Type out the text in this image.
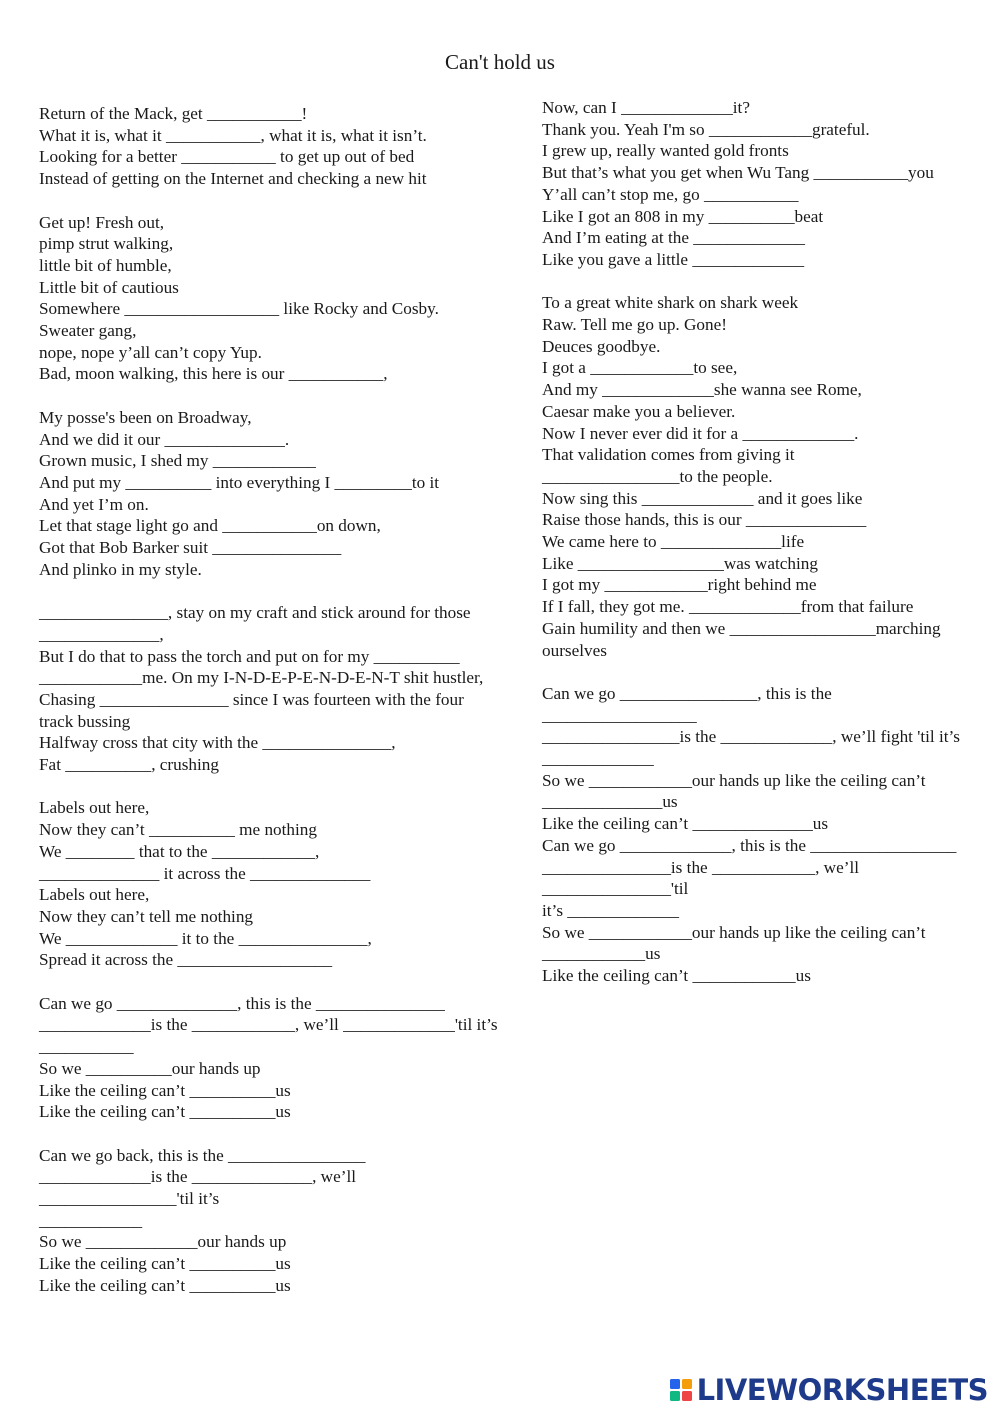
Can't hold us
Return of the Mack, get ___________!
What it is, what it ___________, what it is, what it isn’t.
Looking for a better ___________ to get up out of bed
Instead of getting on the Internet and checking a new hit
Get up! Fresh out,
pimp strut walking,
little bit of humble,
Little bit of cautious
Somewhere __________________ like Rocky and Cosby.
Sweater gang,
nope, nope y’all can’t copy Yup.
Bad, moon walking, this here is our ___________,
My posse's been on Broadway,
And we did it our ______________.
Grown music, I shed my ____________
And put my __________ into everything I _________to it
And yet I’m on.
Let that stage light go and ___________on down,
Got that Bob Barker suit _______________
And plinko in my style.
_______________, stay on my craft and stick around for those
______________,
But I do that to pass the torch and put on for my __________
____________me. On my I-N-D-E-P-E-N-D-E-N-T shit hustler,
Chasing _______________ since I was fourteen with the four
track bussing
Halfway cross that city with the _______________,
Fat __________, crushing
Labels out here,
Now they can’t __________ me nothing
We ________ that to the ____________,
______________ it across the ______________
Labels out here,
Now they can’t tell me nothing
We _____________ it to the _______________,
Spread it across the __________________
Can we go ______________, this is the _______________
_____________is the ____________, we’ll _____________'til it’s
___________
So we __________our hands up
Like the ceiling can’t __________us
Like the ceiling can’t __________us
Can we go back, this is the ________________
_____________is the ______________, we’ll ________________'til it’s
____________
So we _____________our hands up
Like the ceiling can’t __________us
Like the ceiling can’t __________us
Now, can I _____________it?
Thank you. Yeah I'm so ____________grateful.
I grew up, really wanted gold fronts
But that’s what you get when Wu Tang ___________you
Y’all can’t stop me, go ___________
Like I got an 808 in my __________beat
And I’m eating at the _____________
Like you gave a little _____________
To a great white shark on shark week
Raw. Tell me go up. Gone!
Deuces goodbye.
I got a ____________to see,
And my _____________she wanna see Rome,
Caesar make you a believer.
Now I never ever did it for a _____________.
That validation comes from giving it
________________to the people.
Now sing this _____________ and it goes like
Raise those hands, this is our ______________
We came here to ______________life
Like _________________was watching
I got my ____________right behind me
If I fall, they got me. _____________from that failure
Gain humility and then we _________________marching
ourselves
Can we go ________________, this is the __________________
________________is the _____________, we’ll fight 'til it’s
_____________
So we ____________our hands up like the ceiling can’t
______________us
Like the ceiling can’t ______________us
Can we go _____________, this is the _________________
_______________is the ____________, we’ll _______________'til
it’s _____________
So we ____________our hands up like the ceiling can’t
____________us
Like the ceiling can’t ____________us
LIVEWORKSHEETS
